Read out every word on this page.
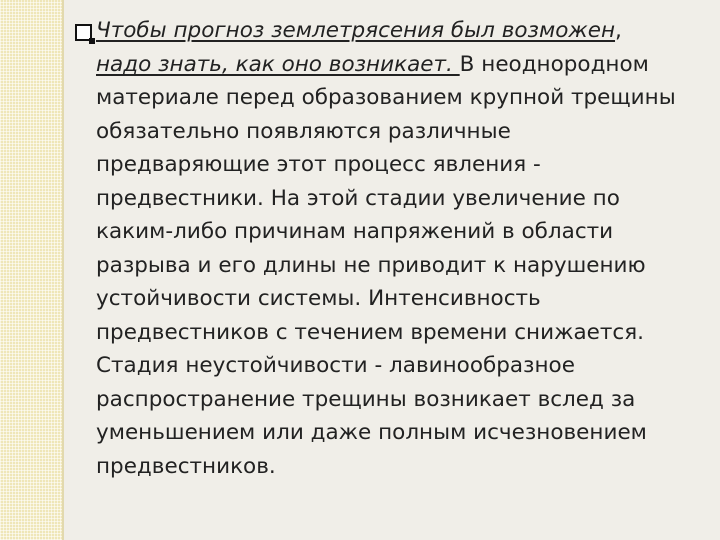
Чтобы прогноз землетрясения был возможен,
надо знать, как оно возникает. В неоднородном
материале перед образованием крупной трещины
обязательно появляются различные
предваряющие этот процесс явления -
предвестники. На этой стадии увеличение по
каким-либо причинам напряжений в области
разрыва и его длины не приводит к нарушению
устойчивости системы. Интенсивность
предвестников с течением времени снижается.
Стадия неустойчивости - лавинообразное
распространение трещины возникает вслед за
уменьшением или даже полным исчезновением
предвестников.
